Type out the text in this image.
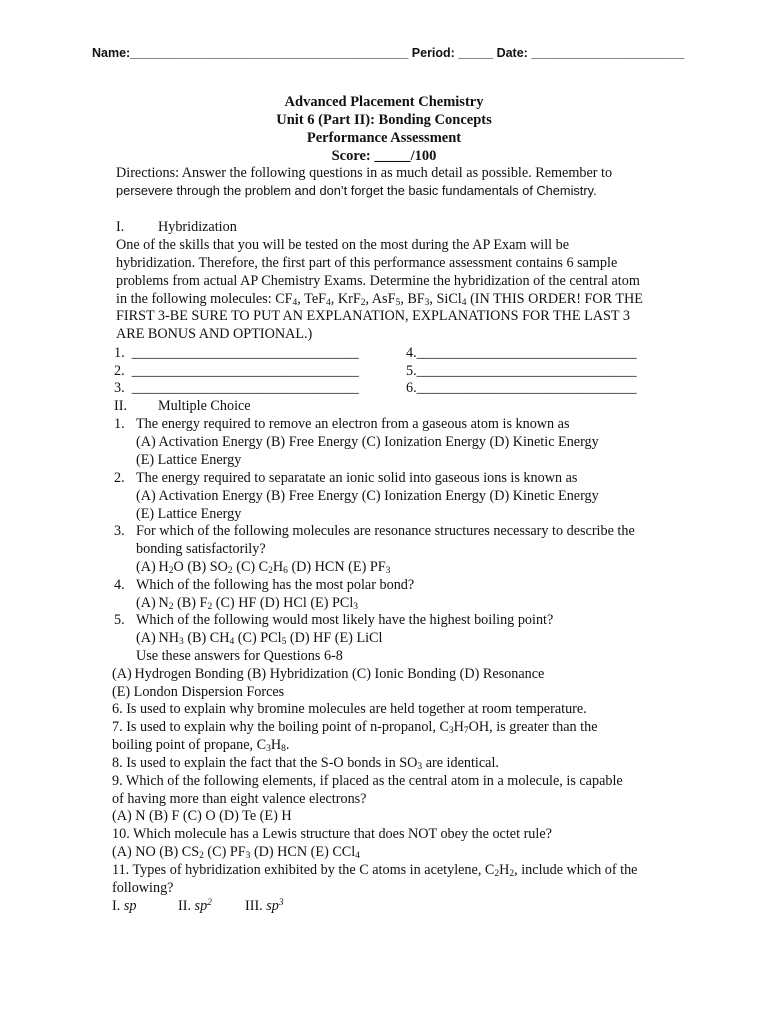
Name:________________________________________ Period: _____ Date: ______________________
Advanced Placement Chemistry
Unit 6 (Part II): Bonding Concepts
Performance Assessment
Score: _____/100
Directions: Answer the following questions in as much detail as possible. Remember to
persevere through the problem and don’t forget the basic fundamentals of Chemistry.
I. Hybridization
One of the skills that you will be tested on the most during the AP Exam will be
hybridization. Therefore, the first part of this performance assessment contains 6 sample
problems from actual AP Chemistry Exams. Determine the hybridization of the central atom
in the following molecules: $CF_4$, TeF$_4$, KrF$_2$, AsF$_5$, $BF_3$, SiCl$_4$ (IN THIS ORDER! FOR THE
FIRST 3-BE SURE TO PUT AN EXPLANATION, EXPLANATIONS FOR THE LAST 3
ARE BONUS AND OPTIONAL.)
1. ________________________________
2. ________________________________
3. ________________________________
4._______________________________
5._______________________________
6._______________________________
II. Multiple Choice
1. The energy required to remove an electron from a gaseous atom is known as
(A) Activation Energy (B) Free Energy (C) Ionization Energy (D) Kinetic Energy
(E) Lattice Energy
2. The energy required to separatate an ionic solid into gaseous ions is known as
(A) Activation Energy (B) Free Energy (C) Ionization Energy (D) Kinetic Energy
(E) Lattice Energy
3. For which of the following molecules are resonance structures necessary to describe the
bonding satisfactorily?
(A) $H_2O$ (B) $SO_2$ (C) $C_2H_6$ (D) HCN (E) $PF_3$
4. Which of the following has the most polar bond?
(A) $N_2$ (B) $F_2$ (C) HF (D) HCl (E) PCl$_3$
5. Which of the following would most likely have the highest boiling point?
(A) $NH_3$ (B) $CH_4$ (C) PCl$_5$ (D) HF (E) LiCl
Use these answers for Questions 6-8
(A) Hydrogen Bonding (B) Hybridization (C) Ionic Bonding (D) Resonance
(E) London Dispersion Forces
6. Is used to explain why bromine molecules are held together at room temperature.
7. Is used to explain why the boiling point of n-propanol, $C_3H_7OH$, is greater than the
boiling point of propane, $C_3H_8$.
8. Is used to explain the fact that the S-O bonds in $SO_3$ are identical.
9. Which of the following elements, if placed as the central atom in a molecule, is capable
of having more than eight valence electrons?
(A) N (B) F (C) O (D) Te (E) H
10. Which molecule has a Lewis structure that does NOT obey the octet rule?
(A) NO (B) $CS_2$ (C) $PF_3$ (D) HCN (E) CCl$_4$
11. Types of hybridization exhibited by the C atoms in acetylene, $C_2H_2$, include which of the
following?
I. sp	II. $sp^2$ III. $sp^3$
